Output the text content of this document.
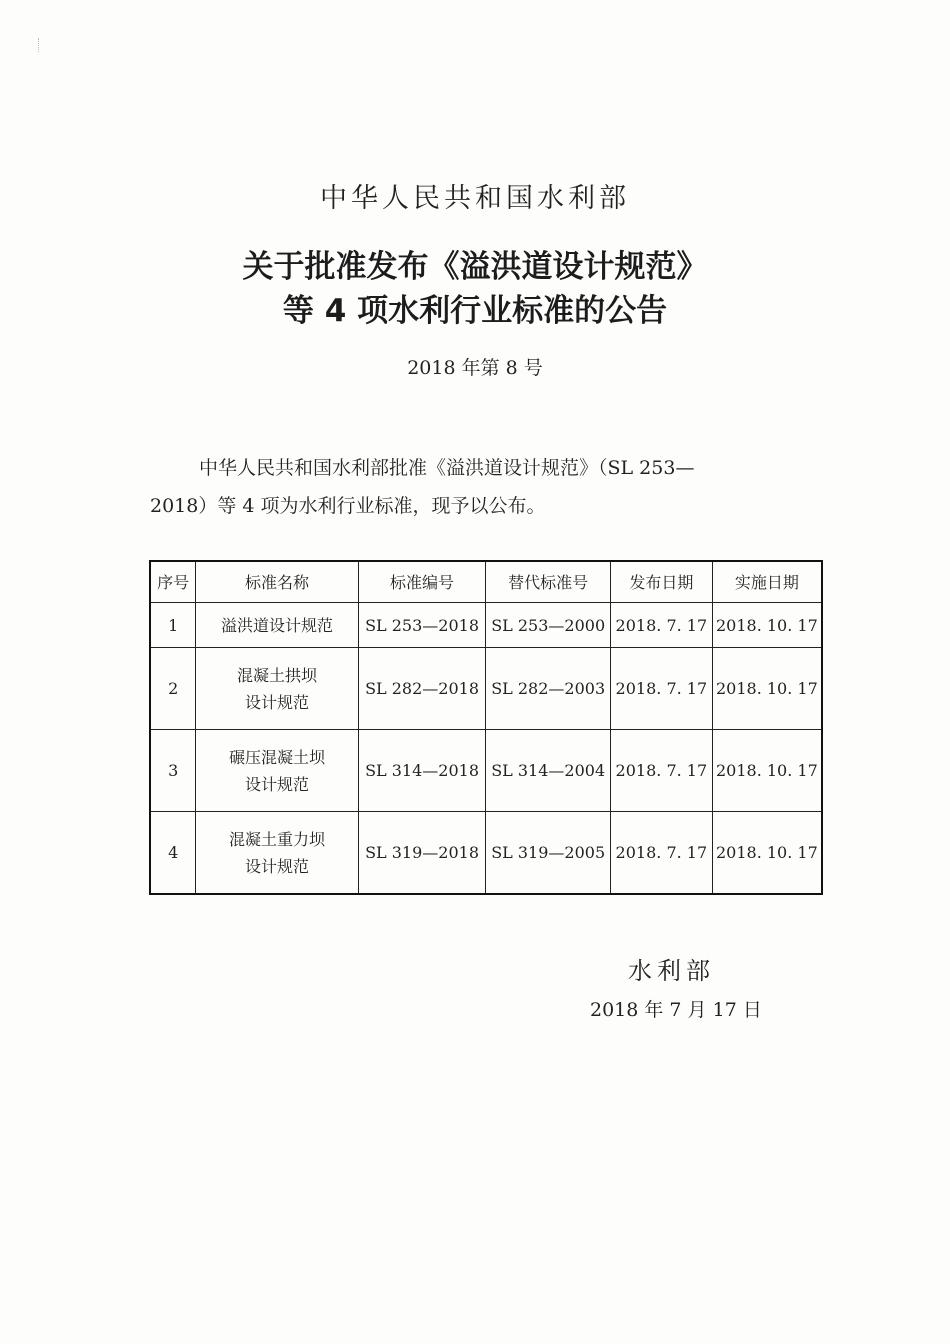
中华人民共和国水利部
关于批准发布《溢洪道设计规范》
等 4 项水利行业标准的公告
2018 年第 8 号
中华人民共和国水利部批准《溢洪道设计规范》（SL 253—
2018）等 4 项为水利行业标准，现予以公布。
序号	标准名称	标准编号	替代标准号	发布日期	实施日期
1	溢洪道设计规范	SL 253—2018	SL 253—2000	2018. 7. 17	2018. 10. 17
2	混凝土拱坝
设计规范	SL 282—2018	SL 282—2003	2018. 7. 17	2018. 10. 17
3	碾压混凝土坝
设计规范	SL 314—2018	SL 314—2004	2018. 7. 17	2018. 10. 17
4	混凝土重力坝
设计规范	SL 319—2018	SL 319—2005	2018. 7. 17	2018. 10. 17
水利部
2018 年 7 月 17 日
